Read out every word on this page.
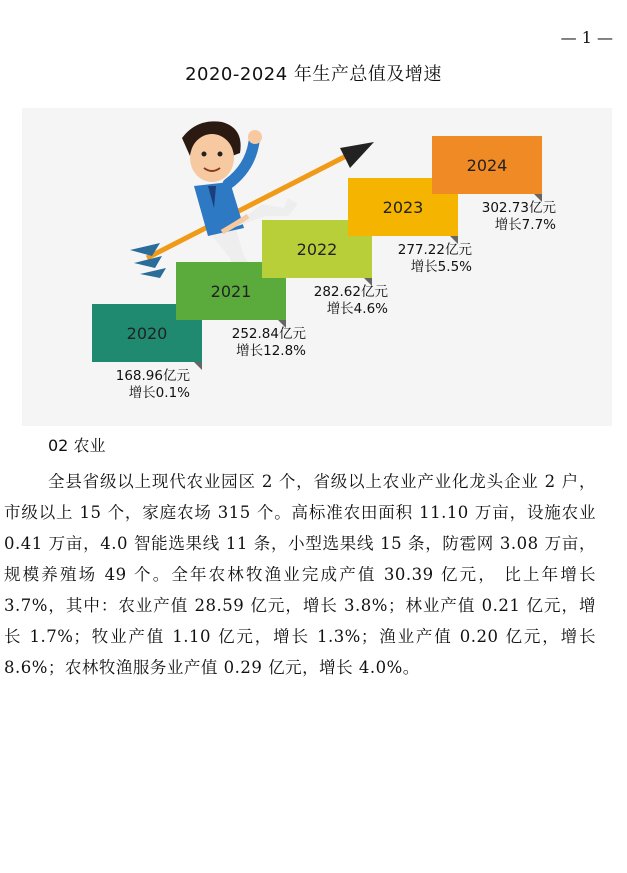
— 1 —
2020-2024 年生产总值及增速
2020
2021
2022
2023
2024
168.96亿元
增长0.1%
252.84亿元
增长12.8%
282.62亿元
增长4.6%
277.22亿元
增长5.5%
302.73亿元
增长7.7%
02 农业
全县省级以上现代农业园区 2 个，省级以上农业产业化龙头企业 2 户，市级以上 15 个，家庭农场 315 个。高标准农田面积 11.10 万亩，设施农业 0.41 万亩，4.0 智能选果线 11 条，小型选果线 15 条，防雹网 3.08 万亩，规模养殖场 49 个。全年农林牧渔业完成产值 30.39 亿元， 比上年增长 3.7%，其中：农业产值 28.59 亿元，增长 3.8%；林业产值 0.21 亿元，增长 1.7%；牧业产值 1.10 亿元，增长 1.3%；渔业产值 0.20 亿元，增长 8.6%；农林牧渔服务业产值 0.29 亿元，增长 4.0%。
